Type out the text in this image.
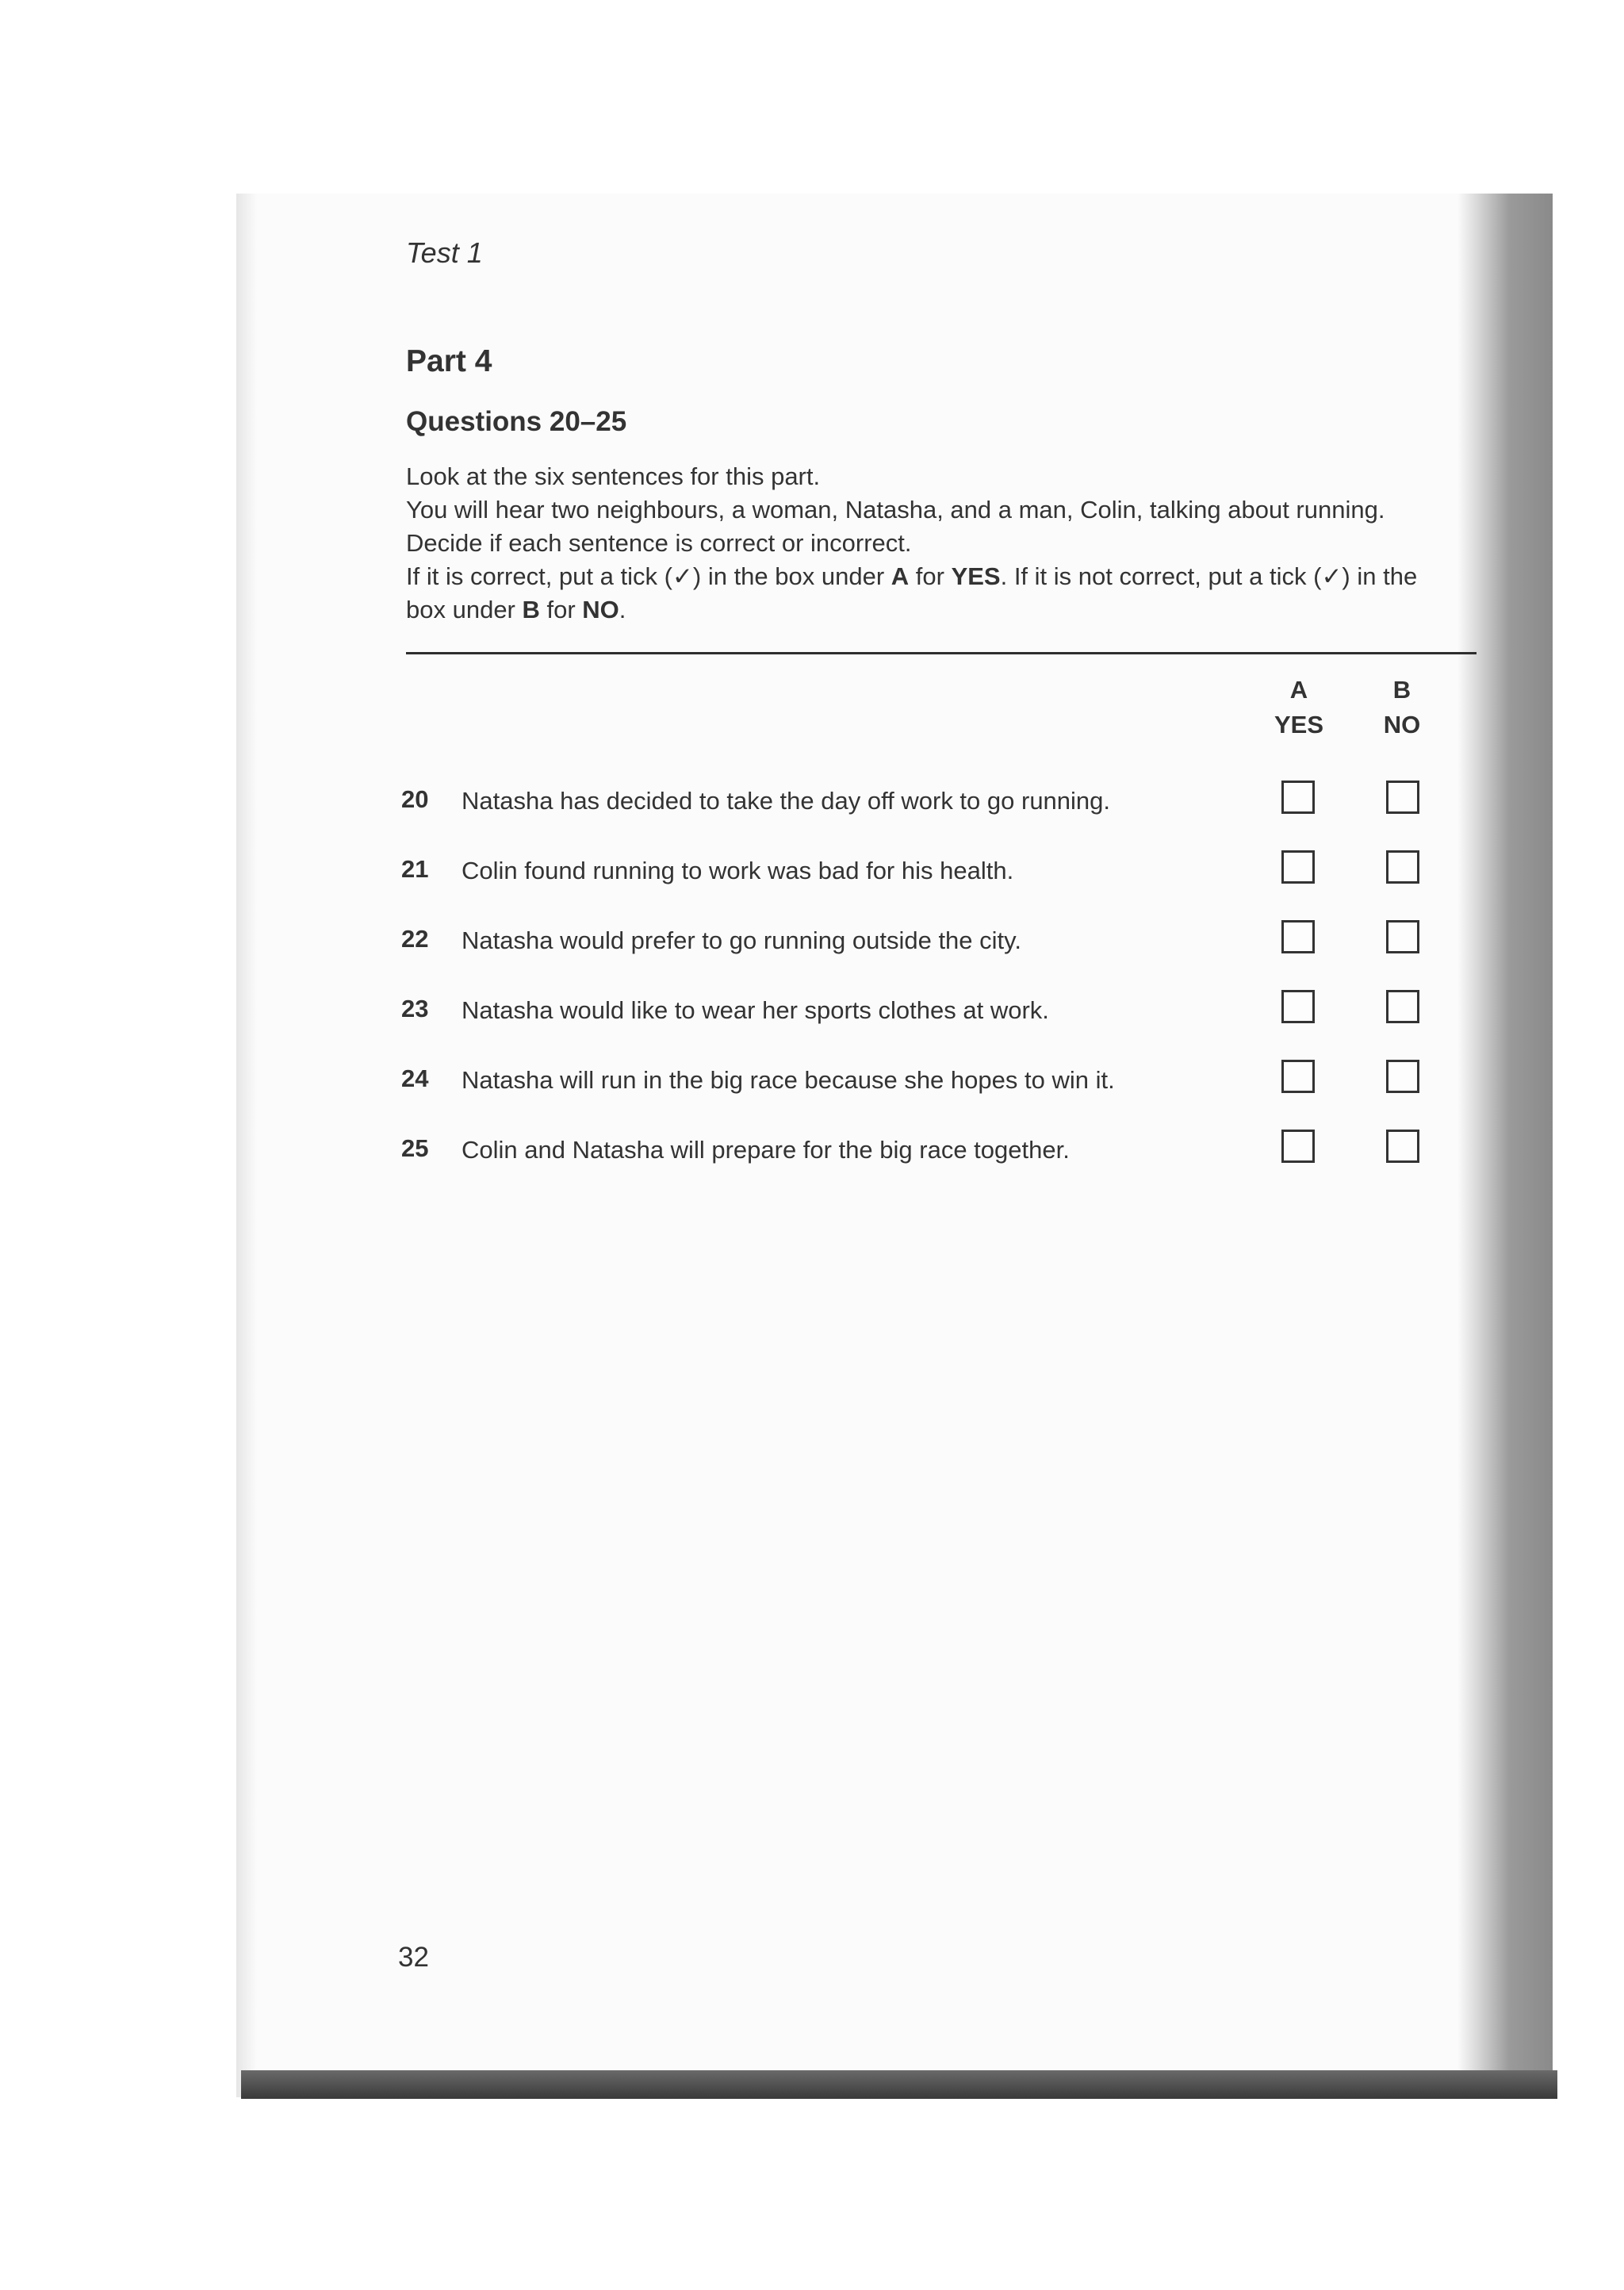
Test 1
Part 4
Questions 20–25

Look at the six sentences for this part.

You will hear two neighbours, a woman, Natasha, and a man, Colin, talking about running.

Decide if each sentence is correct or incorrect.

If it is correct, put a tick (✓) in the box under A for YES. If it is not correct, put a tick (✓) in the box under B for NO.

A
YES
B
NO
20 Natasha has decided to take the day off work to go running.
21 Colin found running to work was bad for his health.
22 Natasha would prefer to go running outside the city.
23 Natasha would like to wear her sports clothes at work.
24 Natasha will run in the big race because she hopes to win it.
25 Colin and Natasha will prepare for the big race together.
32
